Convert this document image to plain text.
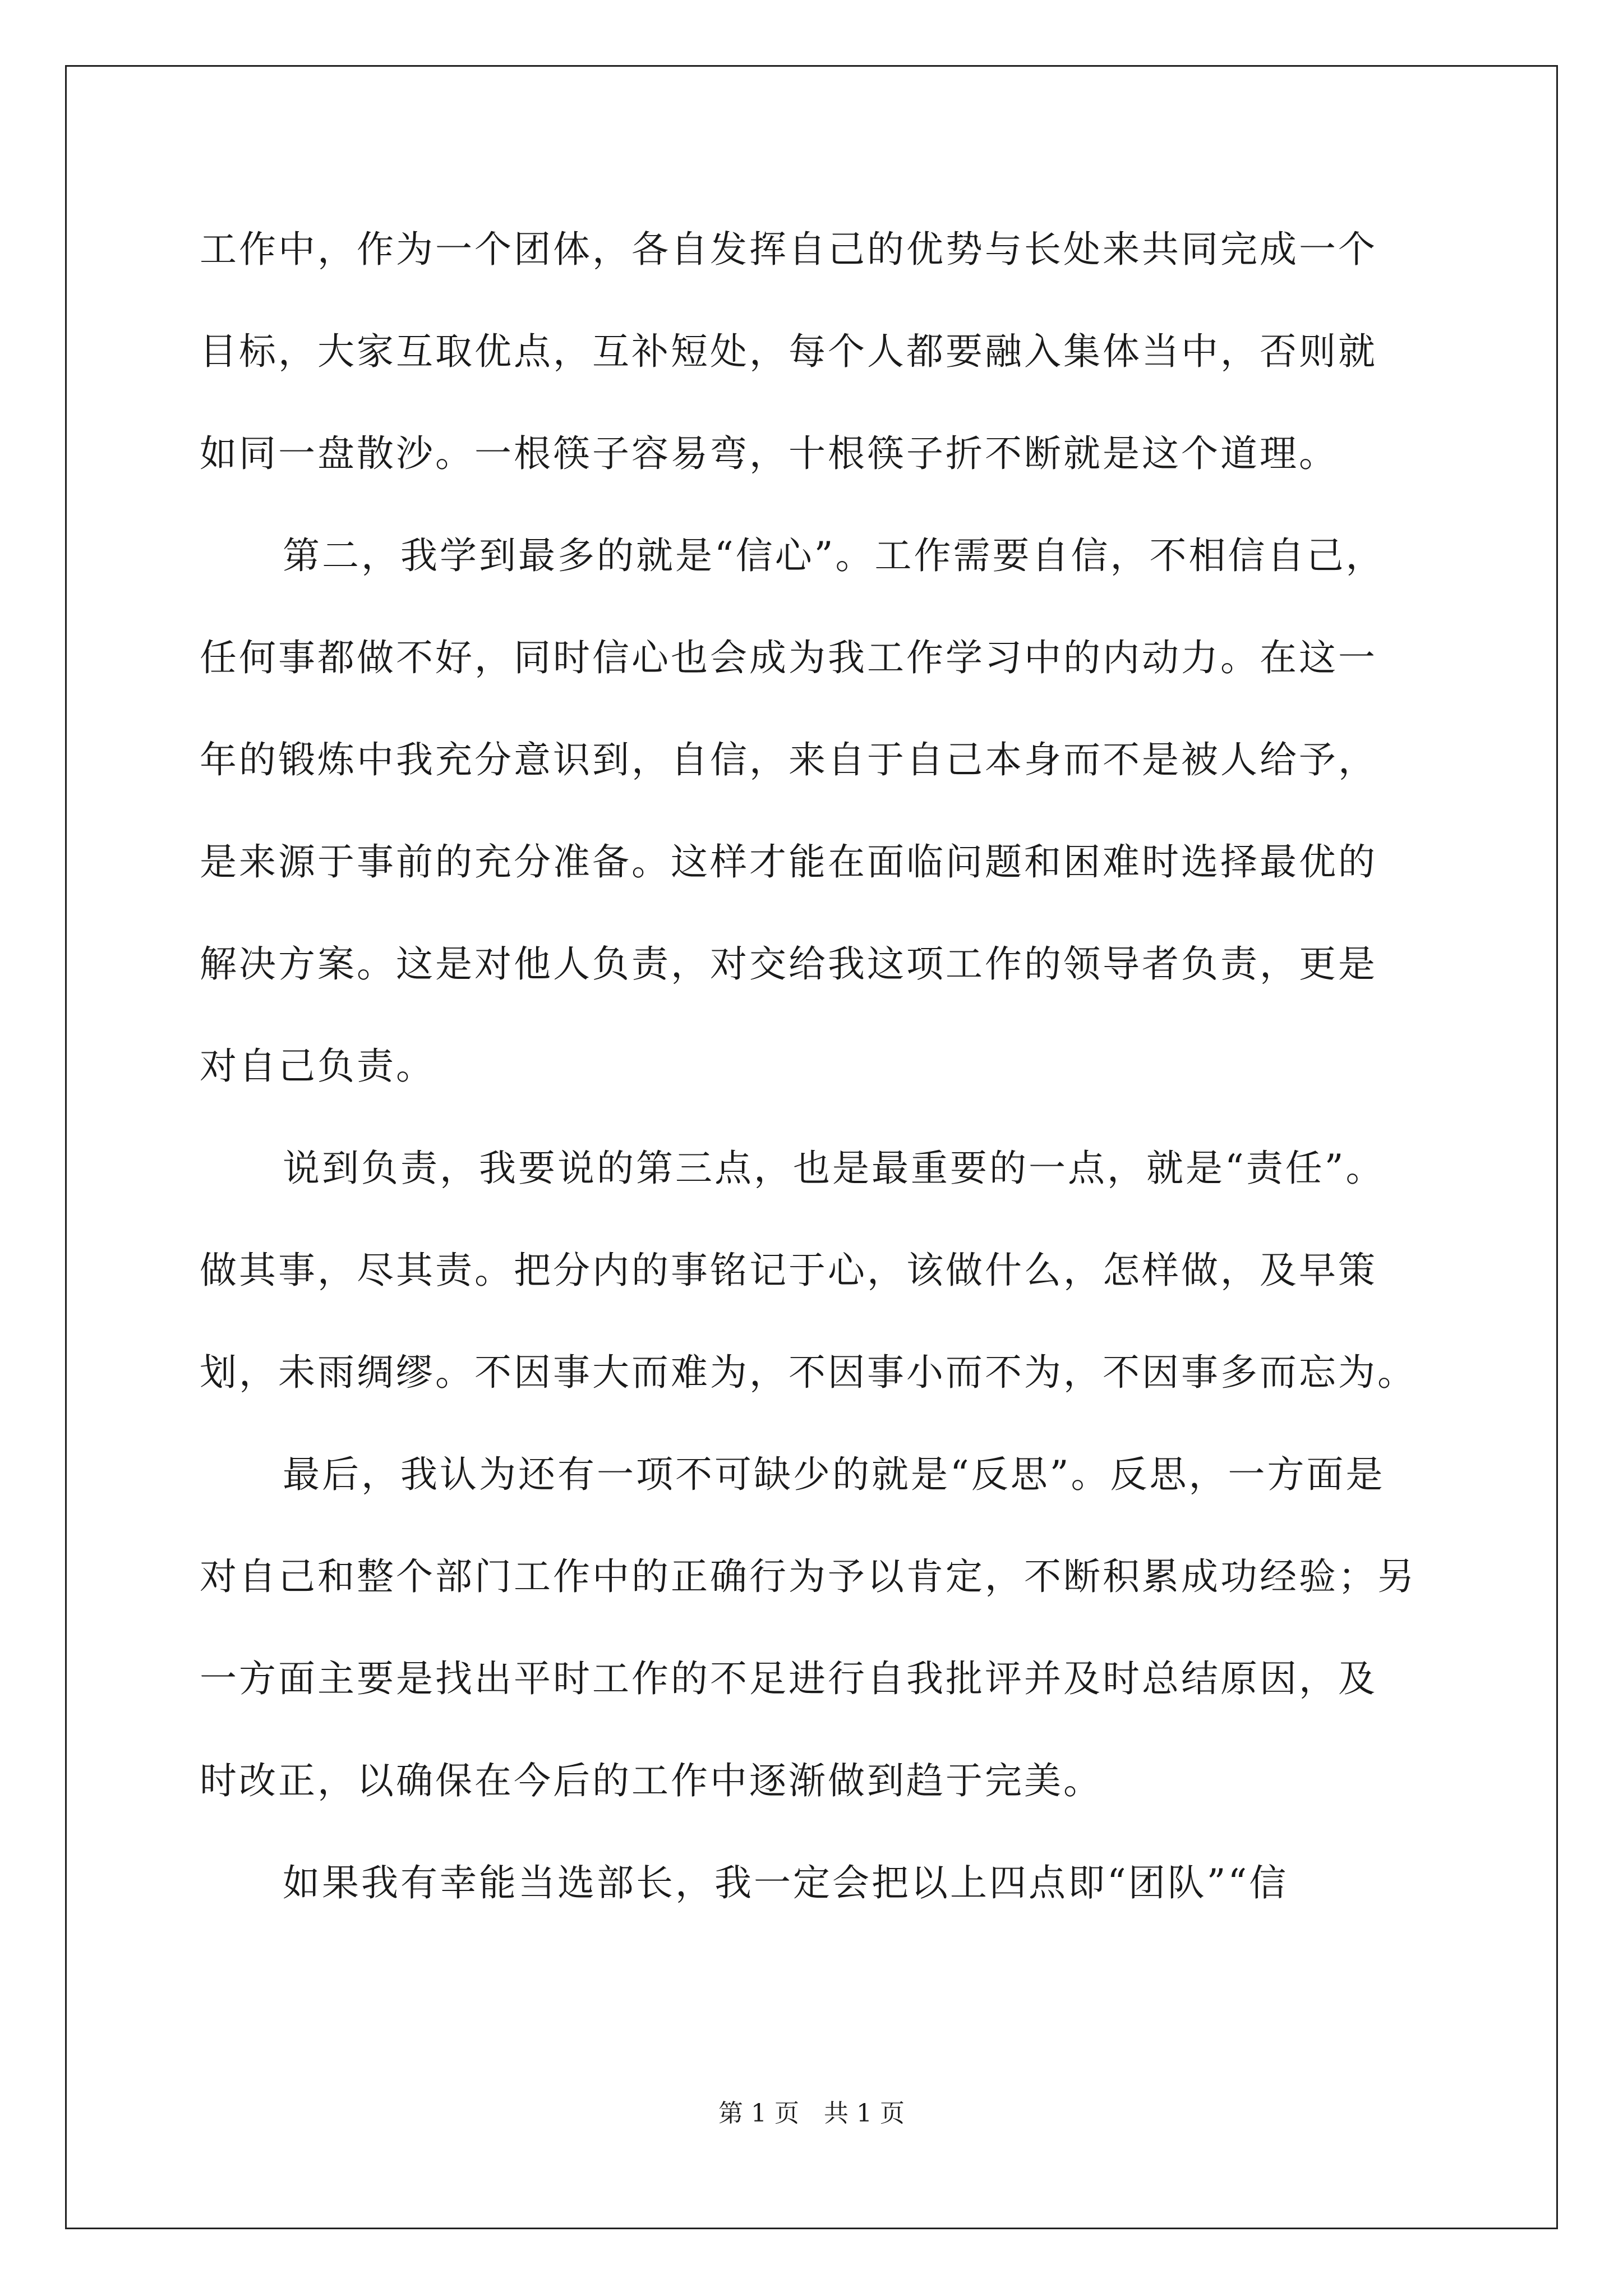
工作中，作为一个团体，各自发挥自己的优势与长处来共同完成一个
目标，大家互取优点，互补短处，每个人都要融入集体当中，否则就
如同一盘散沙。一根筷子容易弯，十根筷子折不断就是这个道理。
第二，我学到最多的就是“信心”。工作需要自信，不相信自己，
任何事都做不好，同时信心也会成为我工作学习中的内动力。在这一
年的锻炼中我充分意识到，自信，来自于自己本身而不是被人给予，
是来源于事前的充分准备。这样才能在面临问题和困难时选择最优的
解决方案。这是对他人负责，对交给我这项工作的领导者负责，更是
对自己负责。
说到负责，我要说的第三点，也是最重要的一点，就是“责任”。
做其事，尽其责。把分内的事铭记于心，该做什么，怎样做，及早策
划，未雨绸缪。不因事大而难为，不因事小而不为，不因事多而忘为。
最后，我认为还有一项不可缺少的就是“反思”。反思，一方面是
对自己和整个部门工作中的正确行为予以肯定，不断积累成功经验；另
一方面主要是找出平时工作的不足进行自我批评并及时总结原因，及
时改正，以确保在今后的工作中逐渐做到趋于完美。
如果我有幸能当选部长，我一定会把以上四点即“团队”“信
第 1 页　共 1 页
